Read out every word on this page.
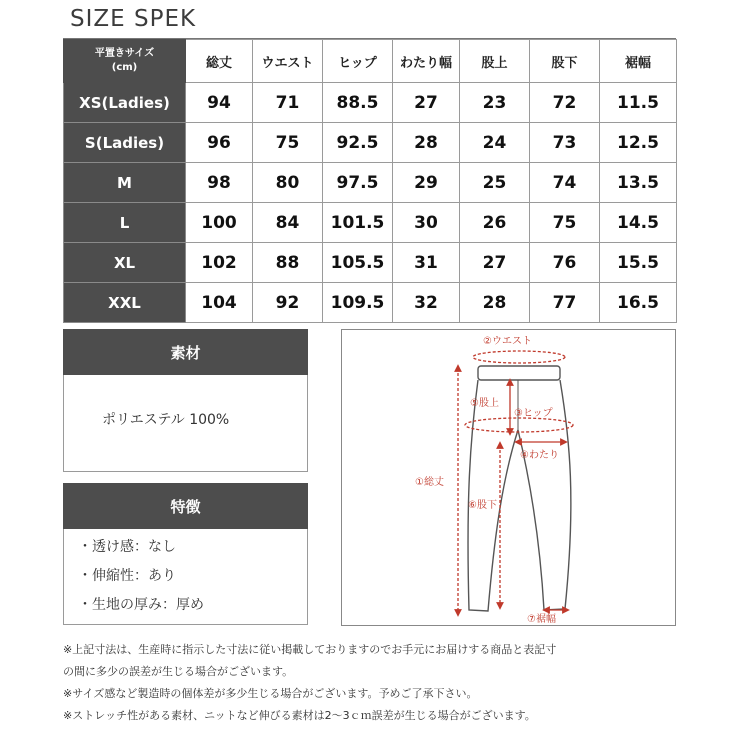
SIZE SPEK
平置きサイズ
(cm)	総丈	ウエスト	ヒップ	わたり幅	股上	股下	裾幅
XS(Ladies)	94	71	88.5	27	23	72	11.5
S(Ladies)	96	75	92.5	28	24	73	12.5
M	98	80	97.5	29	25	74	13.5
L	100	84	101.5	30	26	75	14.5
XL	102	88	105.5	31	27	76	15.5
XXL	104	92	109.5	32	28	77	16.5
素材
ポリエステル 100%
特徴
・透け感：なし
・伸縮性：あり
・生地の厚み：厚め
②ウエスト
⑤股上
③ヒップ
④わたり
①総丈
⑥股下
⑦裾幅
※上記寸法は、生産時に指示した寸法に従い掲載しておりますのでお手元にお届けする商品と表記寸
の間に多少の誤差が生じる場合がございます。
※サイズ感など製造時の個体差が多少生じる場合がございます。予めご了承下さい。
※ストレッチ性がある素材、ニットなど伸びる素材は2～3ｃｍ誤差が生じる場合がございます。
